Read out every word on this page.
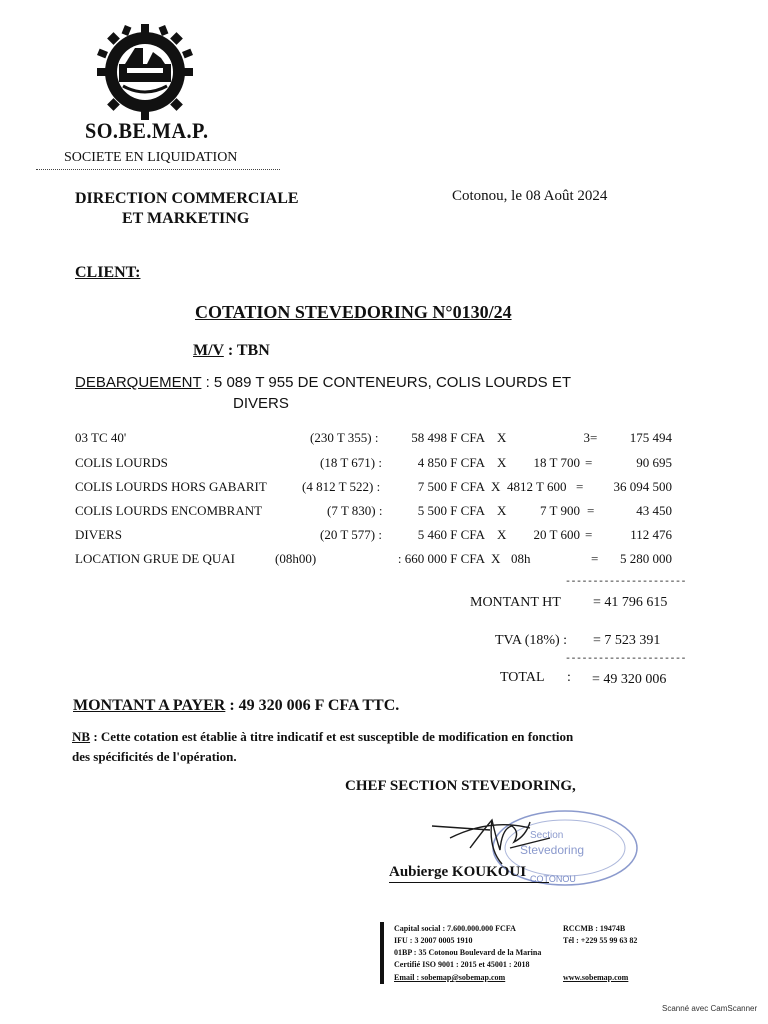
SO.BE.MA.P.
SOCIETE EN LIQUIDATION
DIRECTION COMMERCIALE
ET MARKETING
Cotonou, le 08 Août 2024
CLIENT:
COTATION STEVEDORING N°0130/24
M/V : TBN
DEBARQUEMENT : 5 089 T 955 DE CONTENEURS, COLIS LOURDS ET
DIVERS
03 TC 40'	(230 T 355) :	58 498 F CFA X	3 =	175 494
COLIS LOURDS	(18 T 671) :	4 850 F CFA X	18 T 700 =	90 695
COLIS LOURDS HORS GABARIT	(4 812 T 522) :	7 500 F CFA X 4812 T 600 =	36 094 500
COLIS LOURDS ENCOMBRANT	(7 T 830) :	5 500 F CFA X	7 T 900 =	43 450
DIVERS	(20 T 577) :	5 460 F CFA X	20 T 600 =	112 476
LOCATION GRUE DE QUAI	(08h00)	: 660 000 F CFA X 08h	=	5 280 000
----------------------
MONTANT HT = 41 796 615
TVA (18%) : = 7 523 391
----------------------
TOTAL : = 49 320 006
MONTANT A PAYER : 49 320 006 F CFA TTC.
NB : Cette cotation est établie à titre indicatif et est susceptible de modification en fonction
des spécificités de l'opération.
CHEF SECTION STEVEDORING,
Section
Stevedoring
COTONOU
Aubierge KOUKOUI
Capital social : 7.600.000.000 FCFA	RCCMB : 19474B
IFU : 3 2007 0005 1910	Tél : +229 55 99 63 82
01BP : 35 Cotonou Boulevard de la Marina
Certifié ISO 9001 : 2015 et 45001 : 2018
Email : sobemap@sobemap.com	www.sobemap.com
Scanné avec CamScanner
